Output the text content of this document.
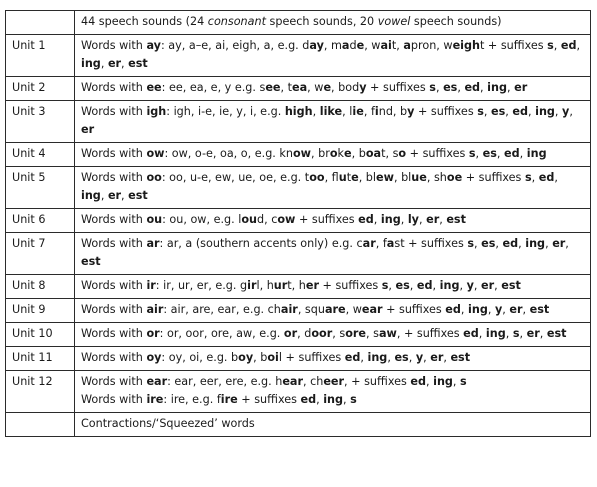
	44 speech sounds (24 consonant speech sounds, 20 vowel speech sounds)
Unit 1	Words with ay: ay, a–e, ai, eigh, a, e.g. day, made, wait, apron, weight + suffixes s, ed, ing, er, est

Unit 2	Words with ee: ee, ea, e, y e.g. see, tea, we, body + suffixes s, es, ed, ing, er

Unit 3	Words with igh: igh, i-e, ie, y, i, e.g. high, like, lie, find, by + suffixes s, es, ed, ing, y, er

Unit 4	Words with ow: ow, o-e, oa, o, e.g. know, broke, boat, so + suffixes s, es, ed, ing

Unit 5	Words with oo: oo, u-e, ew, ue, oe, e.g. too, flute, blew, blue, shoe + suffixes s, ed, ing, er, est

Unit 6	Words with ou: ou, ow, e.g. loud, cow + suffixes ed, ing, ly, er, est

Unit 7	Words with ar: ar, a (southern accents only) e.g. car, fast + suffixes s, es, ed, ing, er, est

Unit 8	Words with ir: ir, ur, er, e.g. girl, hurt, her + suffixes s, es, ed, ing, y, er, est

Unit 9	Words with air: air, are, ear, e.g. chair, square, wear + suffixes ed, ing, y, er, est

Unit 10	Words with or: or, oor, ore, aw, e.g. or, door, sore, saw, + suffixes ed, ing, s, er, est

Unit 11	Words with oy: oy, oi, e.g. boy, boil + suffixes ed, ing, es, y, er, est

Unit 12	Words with ear: ear, eer, ere, e.g. hear, cheer, + suffixes ed, ing, s
Words with ire: ire, e.g. fire + suffixes ed, ing, s

	Contractions/‘Squeezed’ words
